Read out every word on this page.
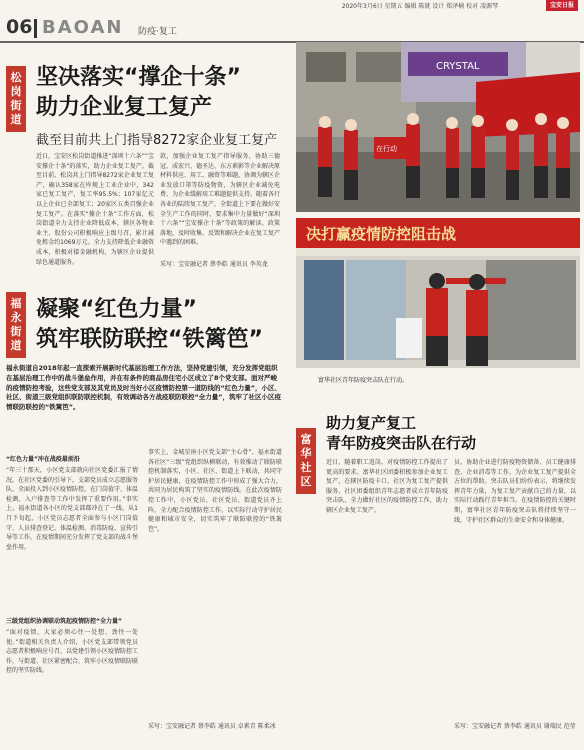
2020年3月6日 星期五 编辑 陈就 设计 郑泽楠 校对 凌源琴	宝安日报
06 BAOAN 防疫·复工
松岗街道
坚决落实“撑企十条”
助力企业复工复产
截至目前共上门指导8272家企业复工复产
近日，宝安区松岗街道推进“深圳十六条”“宝安撑企十条”的落实，助力企业复工复产。截至目前，松岗共上门指导8272家企业复工复产，确认358家在库规上工业企业中，342家已复工复产，复工率95.5%；107家亿元以上企业已全部复工；20家区五类百强企业复工复产。在落实“撑企十条”工作方面，松岗街道全力支持企业降低成本，辖区各物业业主、股份公司积极响应上级号召，累计减免租金约1069万元。全力支持降低企业融资成本，积极对接金融机构，为辖区企业提供绿色通道服务。
款，加强企业复工复产指导服务，协助三德冠、成宏兴、德圣达、东方素影等企业解决原材料供应、用工、融资等难题，协调为辖区企业发放口罩等防疫物资，为辖区企业减免电费、为企业缓解用工难题提供支持。随着各行各业的陆续复工复产，全街道上下要在做好安全生产工作的同时，要求集中力量做好“深圳十六条”“宝安撑企十条”等政策的解读、政策落地，及时收集、反馈和解决企业在复工复产中遇到的困难。
采写：宝安融记者 蔡李皓 通讯员 李英龙
CRYSTAL
在行动
福永街道
凝聚“红色力量”
筑牢联防联控“铁篱笆”
福永街道自2018年起一直探索开展新时代基层治理工作方法，坚持党建引领，充分发挥党组织在基层治理工作中的战斗堡垒作用，并在有条件的商品房住宅小区成立了8个党支部。面对严峻的疫情防控考验，这些党支部及其党员及时当好小区疫情防控第一道防线的“红色力量”，小区、社区、街道三级党组织联防联控机制，有效调动各方战疫联防联控“全力量”，筑牢了社区小区疫情联防联控的“铁篱笆”。
“红色力量”冲在战疫最前沿
“年三十那天，小区党支部就向社区党委汇报了情况，在社区党委的引导下，支部党员成立志愿服务队，全面投入到小区疫情防控，在门岗值守、体温检测、入户排查等工作中发挥了重要作用。”事实上，福永街道各小区的党支部都冲在了一线。从1月下旬起，小区党员志愿者全面参与小区门岗值守、人员排查登记、体温检测、消毒防疫、宣传引导等工作，在疫情期间充分发挥了党支部的战斗堡垒作用。
三级党组织协调联动筑起疫情防控“全力量”
“面对疫情，大家必须心往一处想、劲往一处使。”街道相关负责人介绍，小区党支部带领党员志愿者积极响应号召，以党建引领小区疫情防控工作，与街道、社区紧密配合，筑牢小区疫情联防联控的坚实防线。
事实上，金城星座小区党支部“主心骨”、福永街道各社区“三级”党组织纵横联动，有效推动了联防联控机制落实，小区、社区、街道上下联动，共同守护居民健康，在疫情防控工作中形成了强大合力，共同为居民构筑了坚实的疫情防线。在此次疫情防控工作中，小区党员、社区党员、街道党员齐上阵，全力配合疫情防控工作，以实际行动守护居民健康和城市安全，切实筑牢了联防联控的“铁篱笆”。
采写：宝安融记者 蔡李皓 通讯员 卓素青 陈柔冰
决打赢疫情防控阻击战
富华社区青年防疫突击队在行动。
富华社区
助力复产复工
青年防疫突击队在行动
近日，随着职工返岗，对疫情防控工作提出了更高的要求。富华社区团委积极参加企业复工复产，在辖区防疫卡口、社区为复工复产提供服务，社区团委组织青年志愿者成立青年防疫突击队，全力做好社区的疫情防控工作，助力辖区企业复工复产。
员，协助企业进行防疫物资储备、员工健康排查、企业消毒等工作，为企业复工复产提供全方位的帮助。突击队员们纷纷表示，将继续发挥青年力量，为复工复产贡献自己的力量，以实际行动践行青年担当。在疫情防控的关键时期，富华社区青年防疫突击队将持续坚守一线，守护社区群众的生命安全和身体健康。
采写：宝安融记者 蔡李皓 通讯员 谢瑞民 范莹
